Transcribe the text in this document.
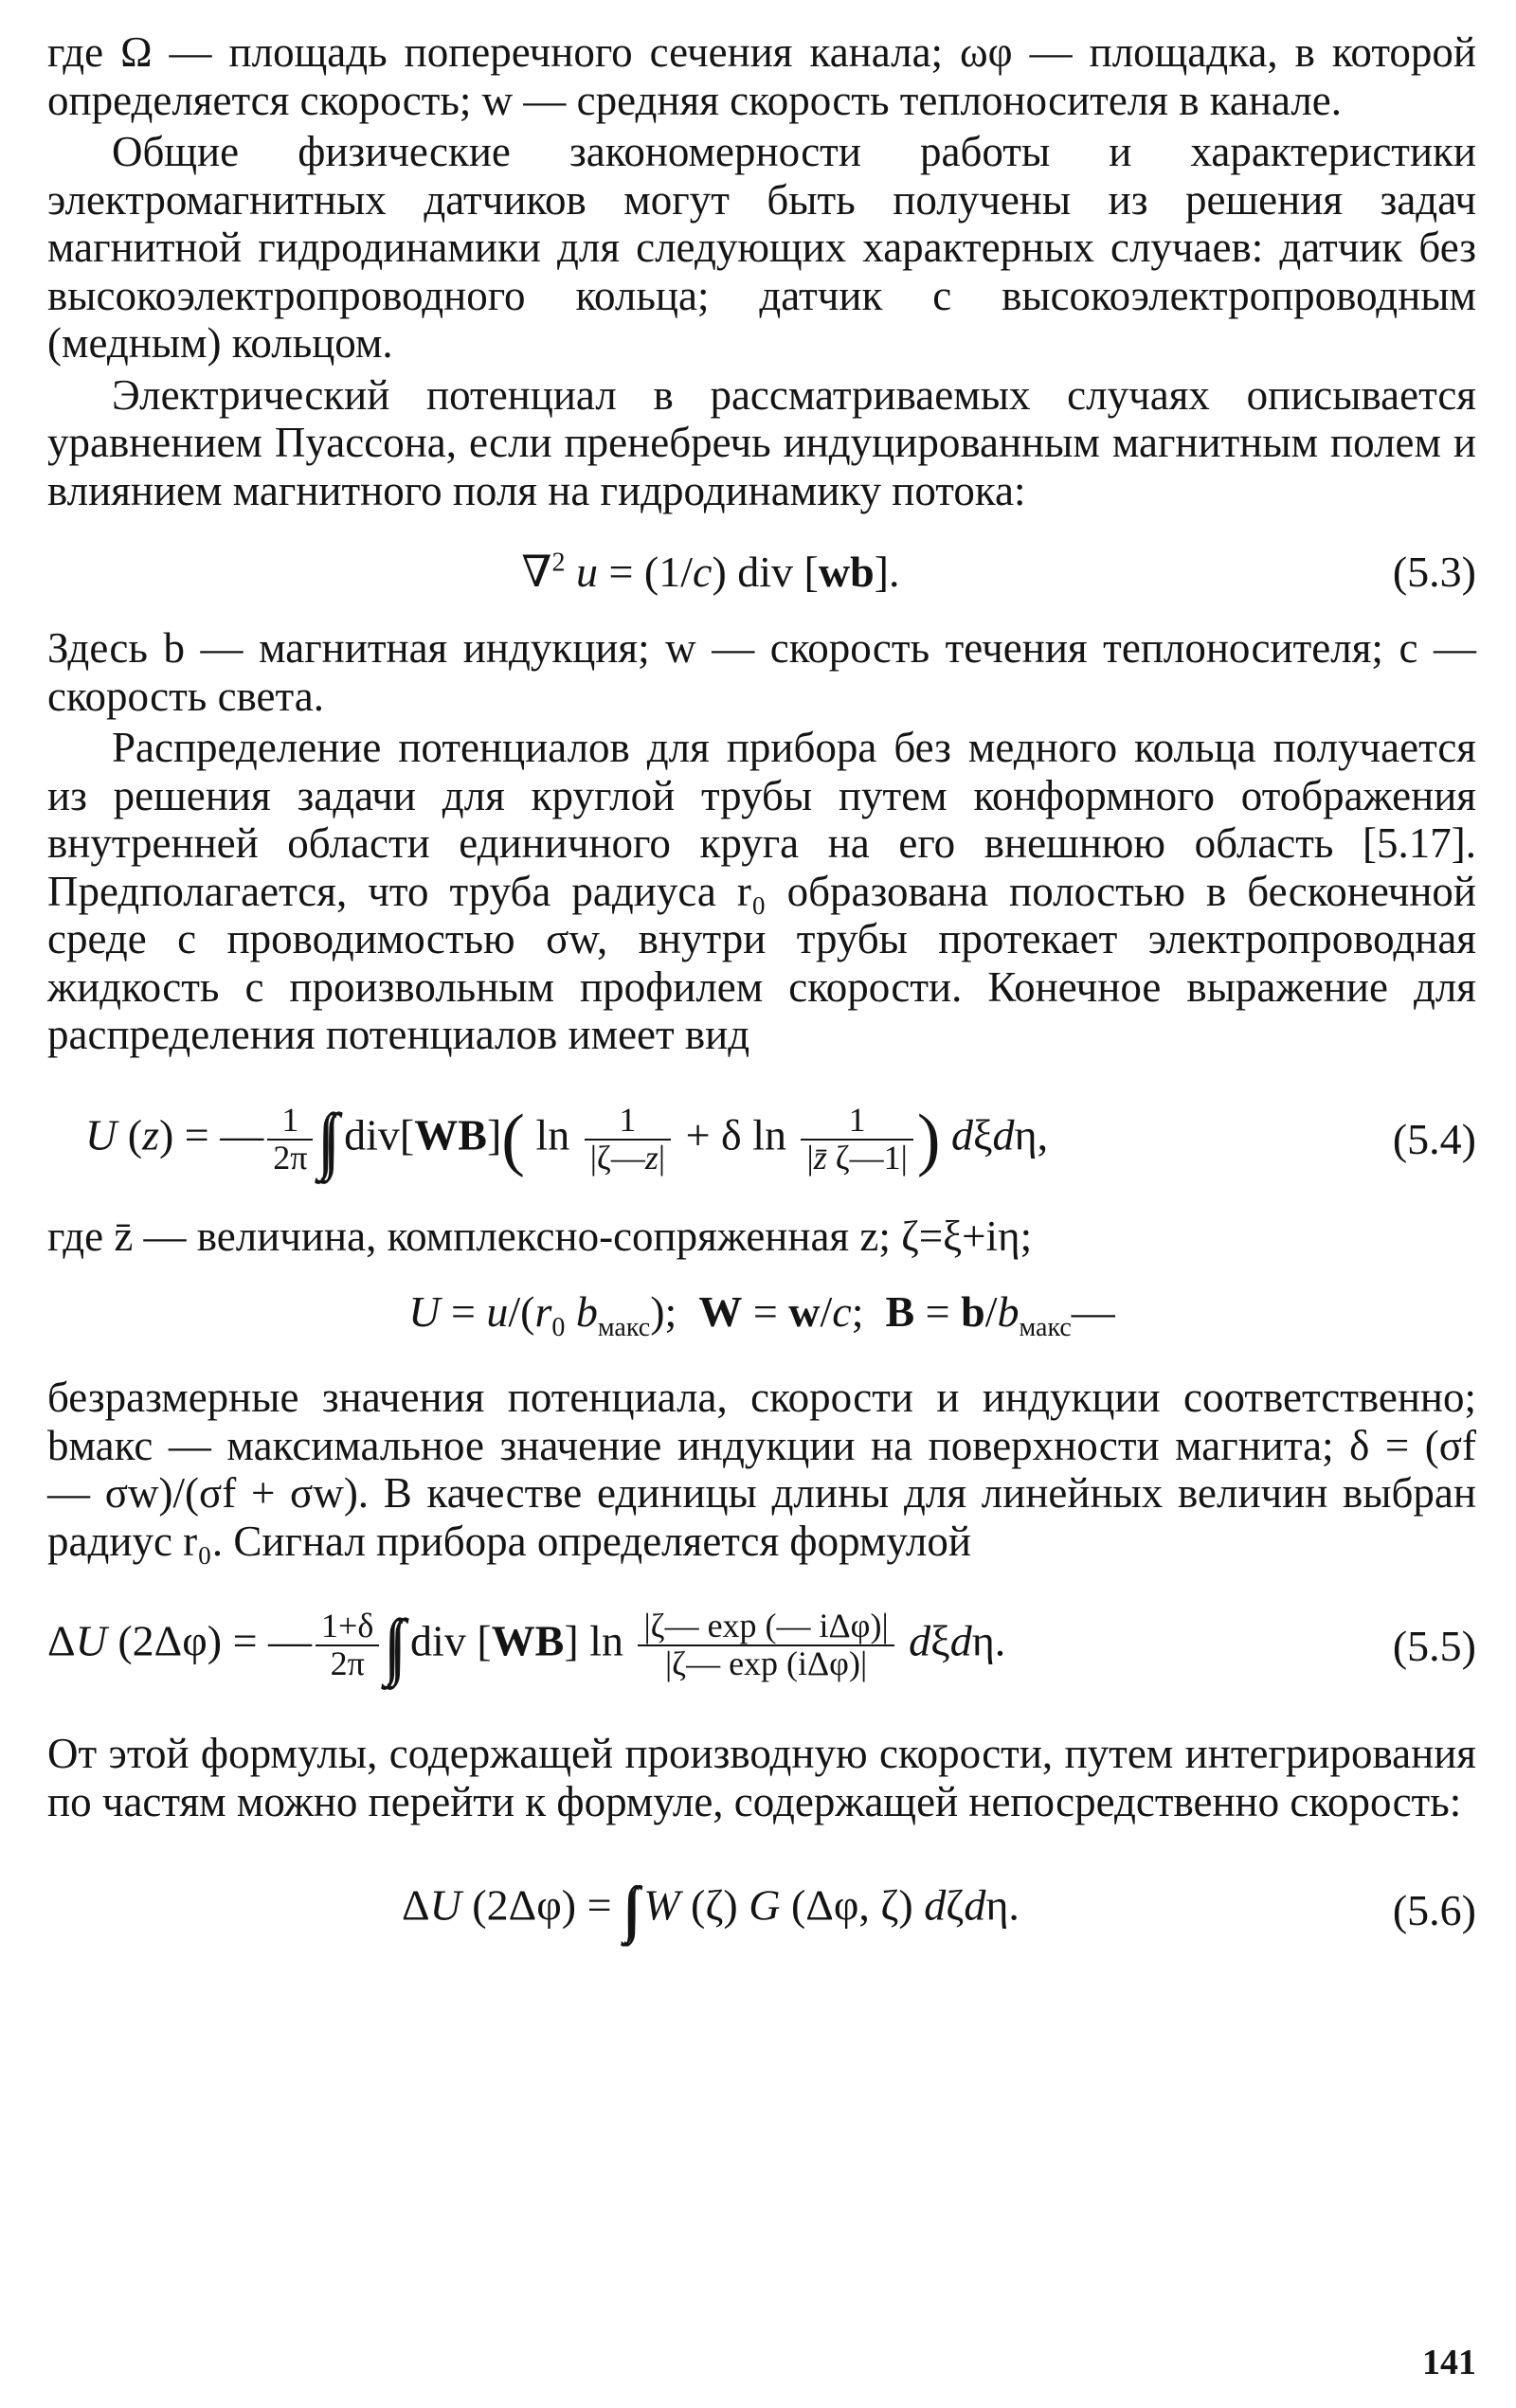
где Ω — площадь поперечного сечения канала; ωφ — площадка, в которой определяется скорость; w — средняя скорость теплоносителя в канале.

Общие физические закономерности работы и характеристики электромагнитных датчиков могут быть получены из решения задач магнитной гидродинамики для следующих характерных случаев: датчик без высокоэлектропроводного кольца; датчик с высокоэлектропроводным (медным) кольцом.

Электрический потенциал в рассматриваемых случаях описывается уравнением Пуассона, если пренебречь индуцированным магнитным полем и влиянием магнитного поля на гидродинамику потока:

∇$^2$ u = (1/c) div [wb].	(5.3)

Здесь b — магнитная индукция; w — скорость течения теплоносителя; c — скорость света.

Распределение потенциалов для прибора без медного кольца получается из решения задачи для круглой трубы путем конформного отображения внутренней области единичного круга на его внешнюю область [5.17]. Предполагается, что труба радиуса r₀ образована полостью в бесконечной среде с проводимостью σw, внутри трубы протекает электропроводная жидкость с произвольным профилем скорости. Конечное выражение для распределения потенциалов имеет вид

U (z) = — $\frac{1}{2\pi}$ ∫∫ div[WB]( $\ln \frac{1}{|\zeta—z|} + \delta$ $\ln \frac{1}{|z̄ \zeta—1|}$ ) dξdη,	(5.4)

где z̄ — величина, комплексно-сопряженная z; ζ=ξ+iη;

$U = u/(r_0$ $b_{макс}$);  W = w/c;  $B = b/b_{макс}—$

безразмерные значения потенциала, скорости и индукции соответственно; bмакс — максимальное значение индукции на поверхности магнита; δ = (σf — σw)/(σf + σw). В качестве единицы длины для линейных величин выбран радиус r₀. Сигнал прибора определяется формулой

ΔU (2Δφ) = — $\frac{1+\delta}{2\pi}$ ∫∫ div [WB] $\ln \frac{\text{|ζ— exp (— iΔφ)|}}{\text{|ζ— exp (iΔφ)|}} d\xi d\eta$.	(5.5)

От этой формулы, содержащей производную скорости, путем интегрирования по частям можно перейти к формуле, содержащей непосредственно скорость:

ΔU (2Δφ) = ∫∫ W (ζ) G (Δφ, ζ) dζdη.	(5.6)
141
